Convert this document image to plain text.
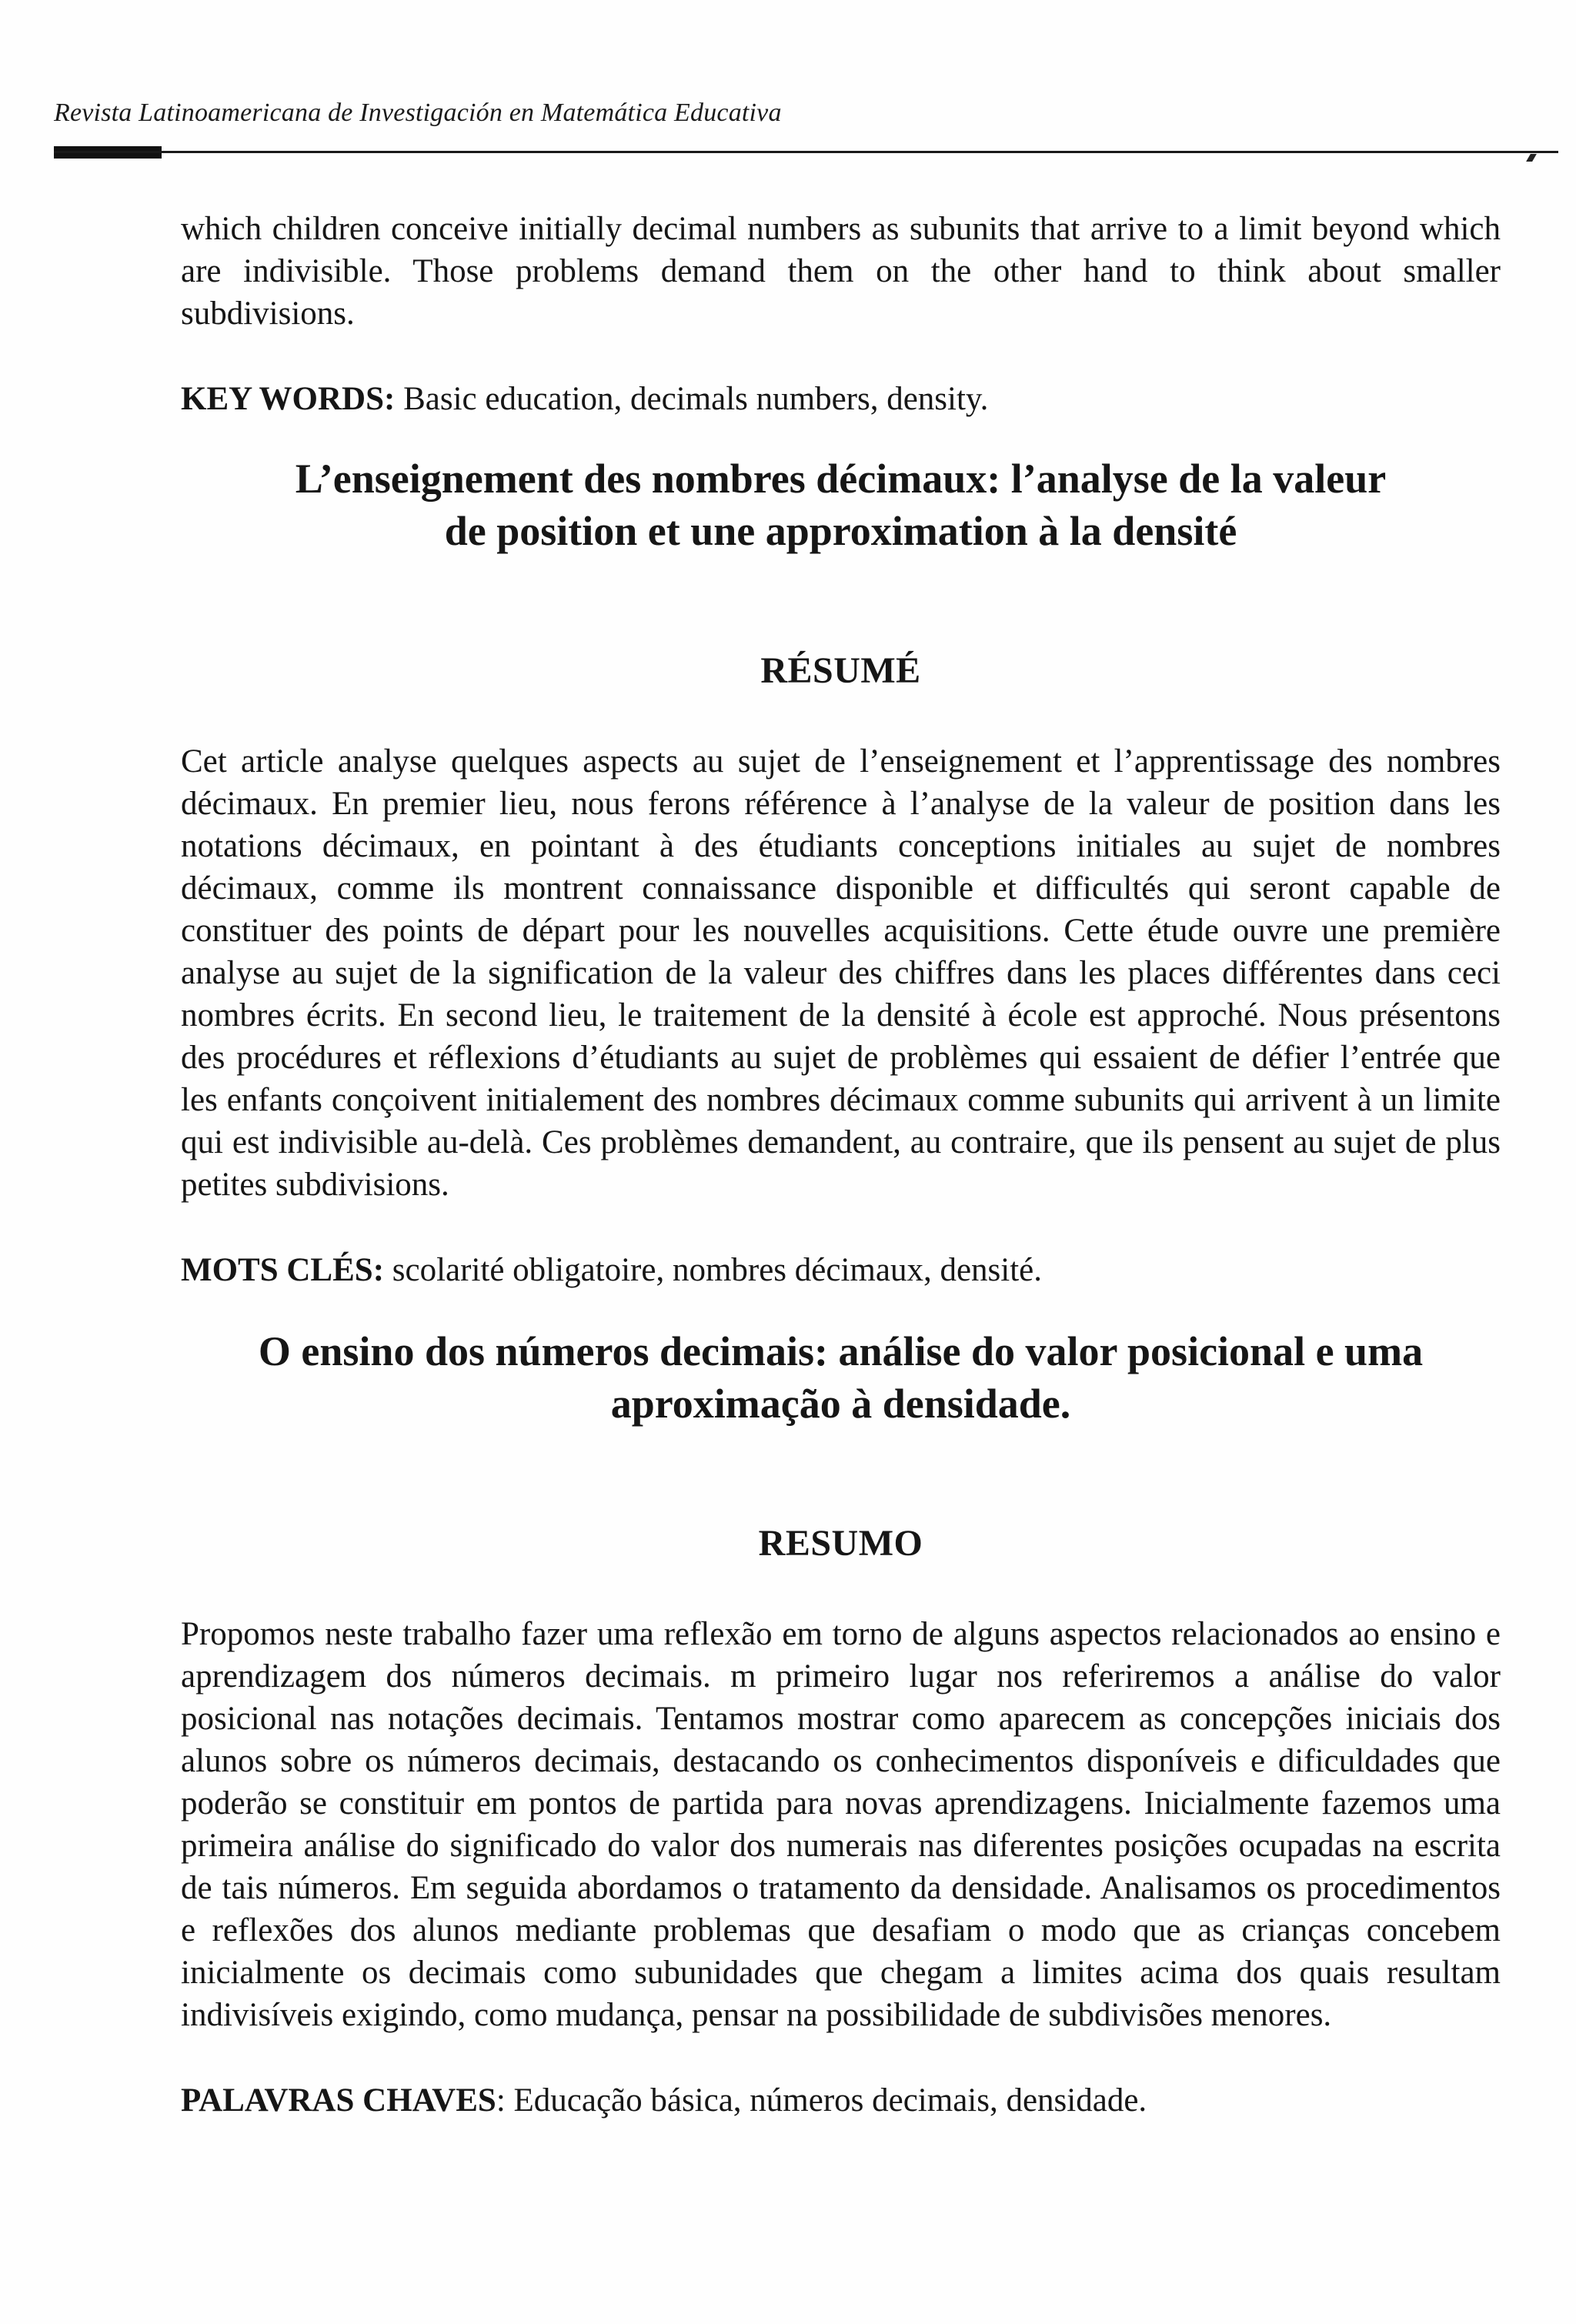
Revista Latinoamericana de Investigación en Matemática Educativa

which children conceive initially decimal numbers as subunits that arrive to a limit beyond which are indivisible. Those problems demand them on the other hand to think about smaller subdivisions.

KEY WORDS: Basic education, decimals numbers, density.

L’enseignement des nombres décimaux: l’analyse de la valeur
de position et une approximation à la densité
RÉSUMÉ

Cet article analyse quelques aspects au sujet de l’enseignement et l’apprentissage des nombres décimaux. En premier lieu, nous ferons référence à l’analyse de la valeur de position dans les notations décimaux, en pointant à des étudiants conceptions initiales au sujet de nombres décimaux, comme ils montrent connaissance disponible et difficultés qui seront capable de constituer des points de départ pour les nouvelles acquisitions. Cette étude ouvre une première analyse au sujet de la signification de la valeur des chiffres dans les places différentes dans ceci nombres écrits. En second lieu, le traitement de la densité à école est approché. Nous présentons des procédures et réflexions d’étudiants au sujet de problèmes qui essaient de défier l’entrée que les enfants conçoivent initialement des nombres décimaux comme subunits qui arrivent à un limite qui est indivisible au-delà. Ces problèmes demandent, au contraire, que ils pensent au sujet de plus petites subdivisions.

MOTS CLÉS: scolarité obligatoire, nombres décimaux, densité.

O ensino dos números decimais: análise do valor posicional e uma
aproximação à densidade.
RESUMO

Propomos neste trabalho fazer uma reflexão em torno de alguns aspectos relacionados ao ensino e aprendizagem dos números decimais. m primeiro lugar nos referiremos a análise do valor posicional nas notações decimais. Tentamos mostrar como aparecem as concepções iniciais dos alunos sobre os números decimais, destacando os conhecimentos disponíveis e dificuldades que poderão se constituir em pontos de partida para novas aprendizagens. Inicialmente fazemos uma primeira análise do significado do valor dos numerais nas diferentes posições ocupadas na escrita de tais números. Em seguida abordamos o tratamento da densidade. Analisamos os procedimentos e reflexões dos alunos mediante problemas que desafiam o modo que as crianças concebem inicialmente os decimais como subunidades que chegam a limites acima dos quais resultam indivisíveis exigindo, como mudança, pensar na possibilidade de subdivisões menores.

PALAVRAS CHAVES: Educação básica, números decimais, densidade.
